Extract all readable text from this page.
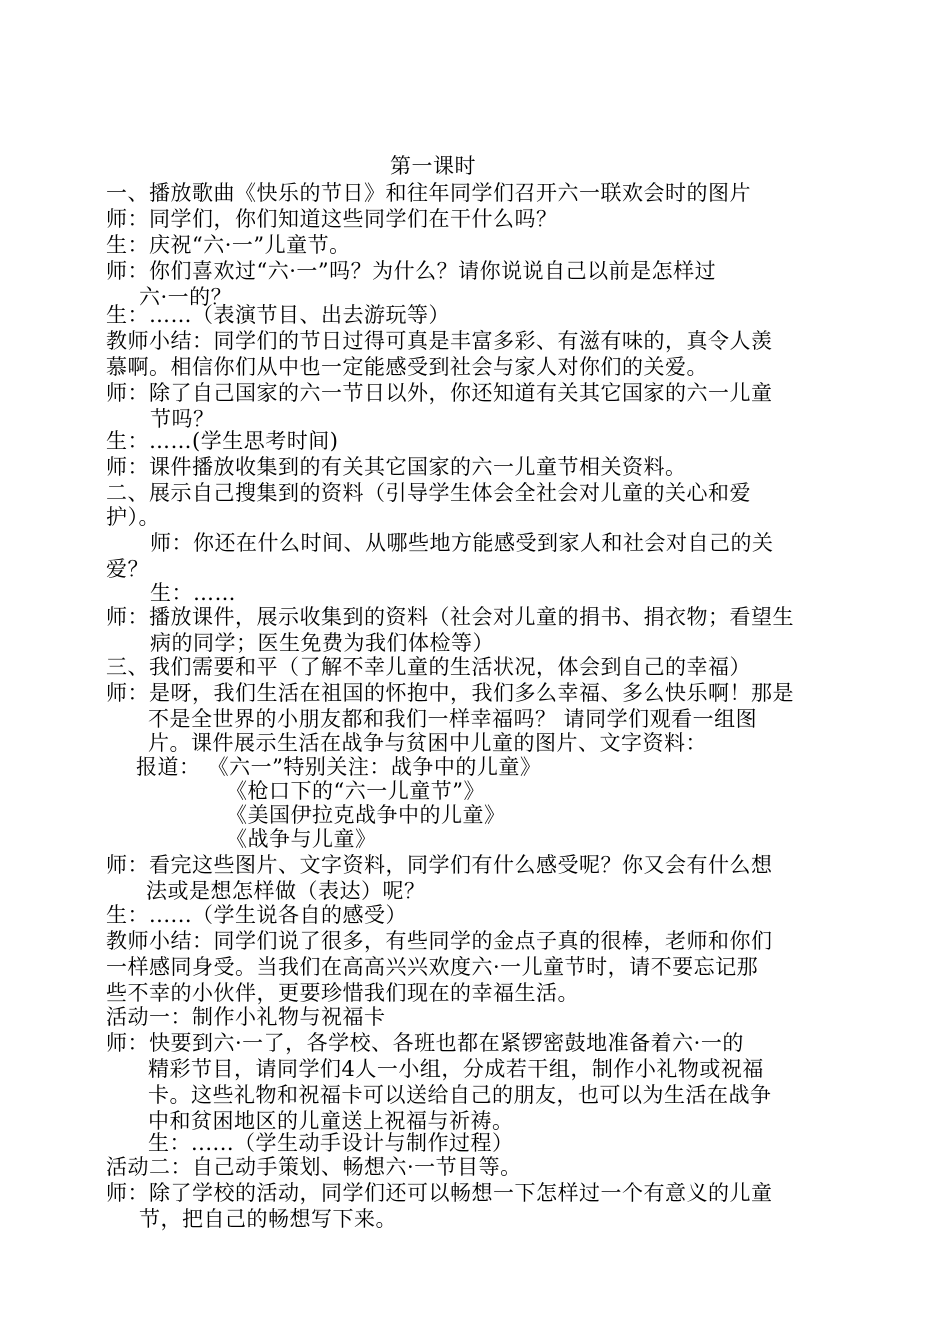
第一课时
一、播放歌曲《快乐的节日》和往年同学们召开六一联欢会时的图片
师：同学们，你们知道这些同学们在干什么吗？
生：庆祝“六·一”儿童节。
师：你们喜欢过“六·一”吗？为什么？请你说说自己以前是怎样过
六·一的？
生：……（表演节目、出去游玩等）
教师小结：同学们的节日过得可真是丰富多彩、有滋有味的，真令人羡
慕啊。相信你们从中也一定能感受到社会与家人对你们的关爱。
师：除了自己国家的六一节日以外，你还知道有关其它国家的六一儿童
节吗？
生：……(学生思考时间)
师：课件播放收集到的有关其它国家的六一儿童节相关资料。
二、展示自己搜集到的资料（引导学生体会全社会对儿童的关心和爱
护）。
师：你还在什么时间、从哪些地方能感受到家人和社会对自己的关
爱？
生：……
师：播放课件，展示收集到的资料（社会对儿童的捐书、捐衣物；看望生
病的同学；医生免费为我们体检等）
三、我们需要和平（了解不幸儿童的生活状况，体会到自己的幸福）
师：是呀，我们生活在祖国的怀抱中，我们多么幸福、多么快乐啊！那是
不是全世界的小朋友都和我们一样幸福吗？ 请同学们观看一组图
片。课件展示生活在战争与贫困中儿童的图片、文字资料：
报道： 《六一”特别关注：战争中的儿童》
《枪口下的“六一儿童节”》
《美国伊拉克战争中的儿童》
《战争与儿童》
师：看完这些图片、文字资料，同学们有什么感受呢？你又会有什么想
法或是想怎样做（表达）呢？
生：......（学生说各自的感受）
教师小结：同学们说了很多，有些同学的金点子真的很棒，老师和你们
一样感同身受。当我们在高高兴兴欢度六·一儿童节时，请不要忘记那
些不幸的小伙伴，更要珍惜我们现在的幸福生活。
活动一：制作小礼物与祝福卡
师：快要到六·一了，各学校、各班也都在紧锣密鼓地准备着六·一的
精彩节目，请同学们4人一小组，分成若干组，制作小礼物或祝福
卡。这些礼物和祝福卡可以送给自己的朋友，也可以为生活在战争
中和贫困地区的儿童送上祝福与祈祷。
生：......（学生动手设计与制作过程）
活动二：自己动手策划、畅想六·一节目等。
师：除了学校的活动，同学们还可以畅想一下怎样过一个有意义的儿童
节，把自己的畅想写下来。
